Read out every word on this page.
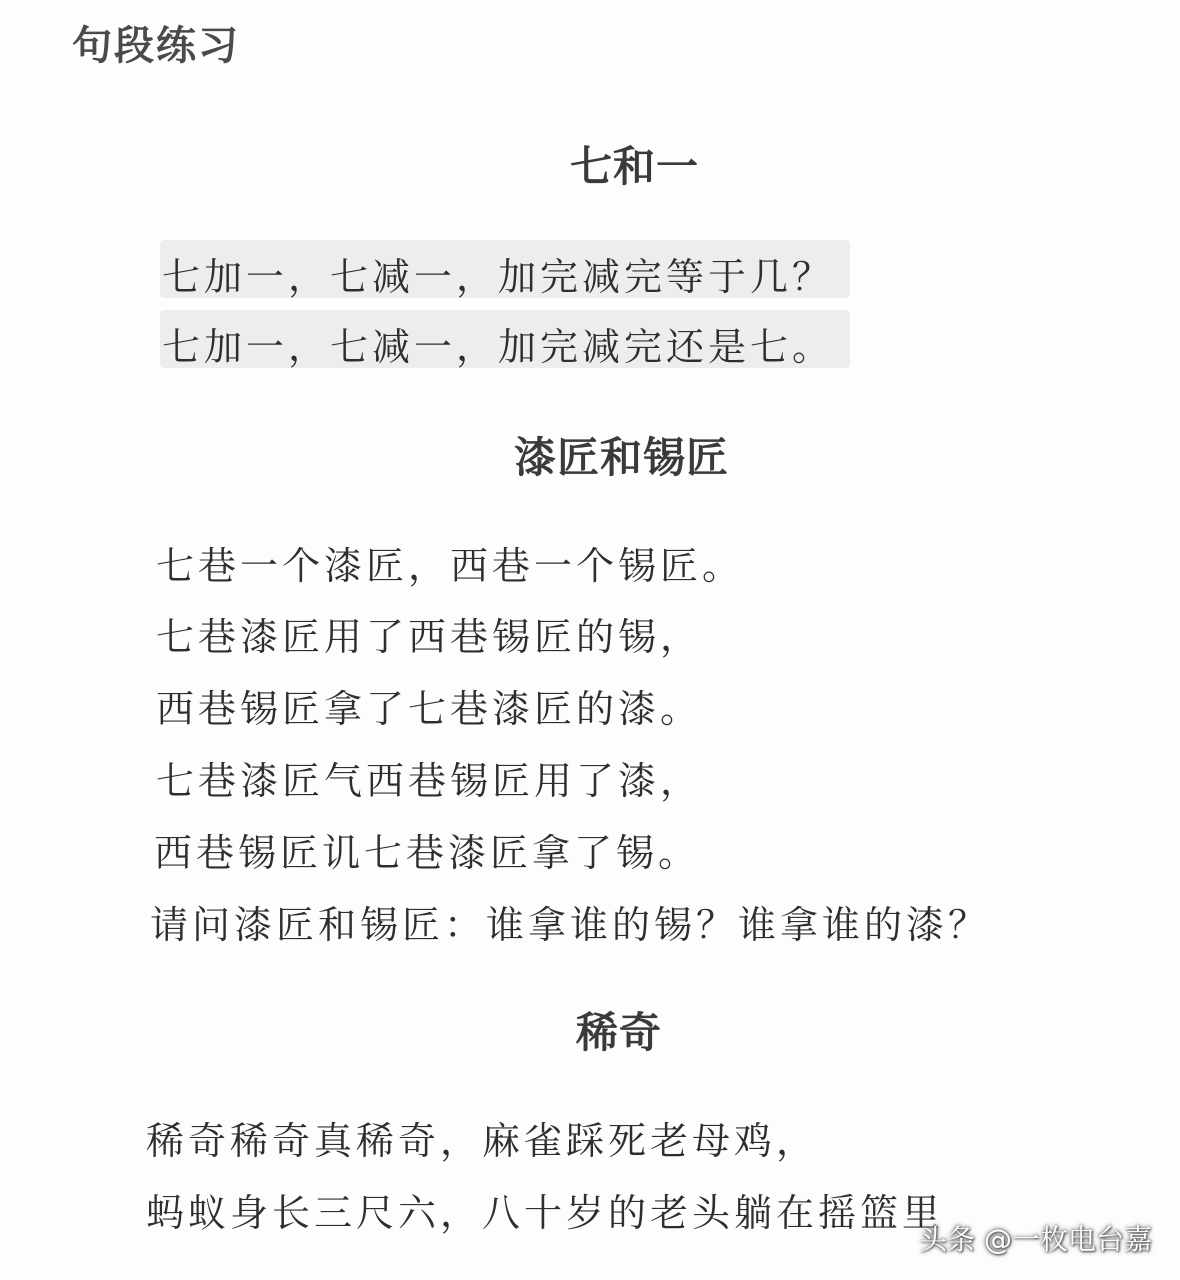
句段练习
七和一
七加一，七减一，加完减完等于几？
七加一，七减一，加完减完还是七。
漆匠和锡匠
七巷一个漆匠，西巷一个锡匠。
七巷漆匠用了西巷锡匠的锡，
西巷锡匠拿了七巷漆匠的漆。
七巷漆匠气西巷锡匠用了漆，
西巷锡匠讥七巷漆匠拿了锡。
请问漆匠和锡匠：谁拿谁的锡？谁拿谁的漆？
稀奇
稀奇稀奇真稀奇，麻雀踩死老母鸡，
蚂蚁身长三尺六，八十岁的老头躺在摇篮里
头条 @一枚电台嘉
